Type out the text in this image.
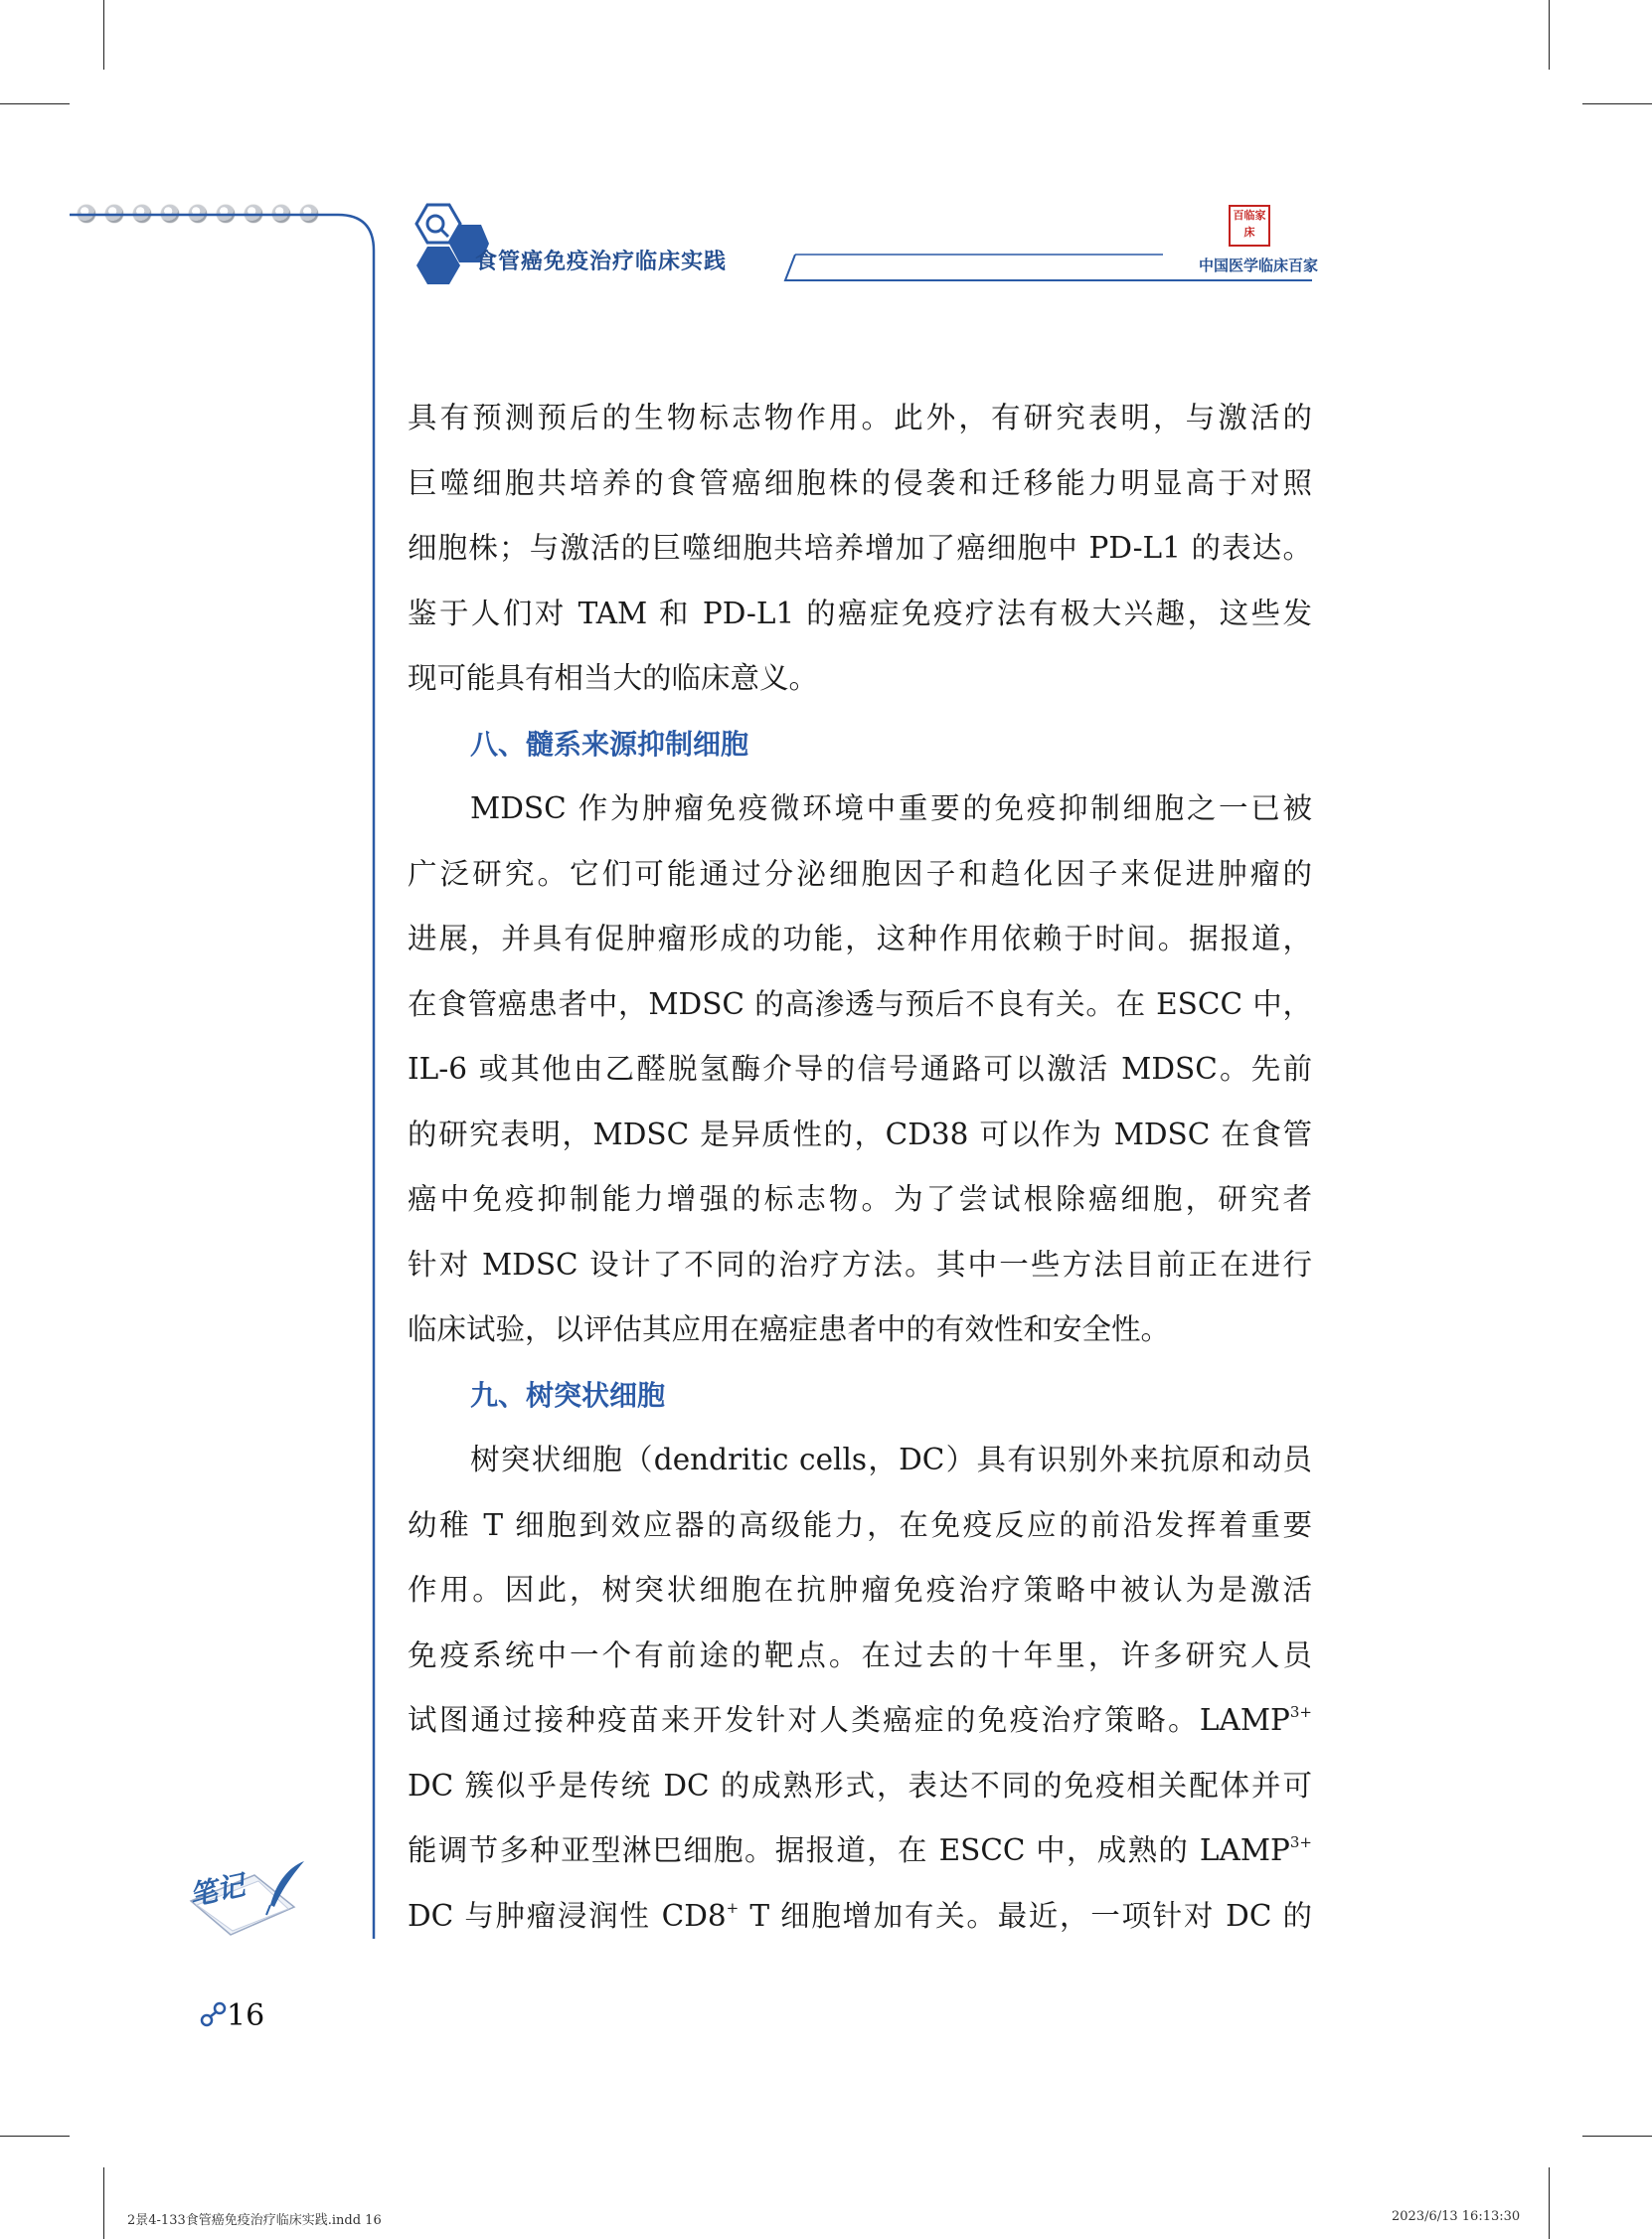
食管癌免疫治疗临床实践
百临家床
中国医学临床百家

具有预测预后的生物标志物作用。此外，有研究表明，与激活的

巨噬细胞共培养的食管癌细胞株的侵袭和迁移能力明显高于对照

细胞株；与激活的巨噬细胞共培养增加了癌细胞中 PD-L1 的表达。

鉴于人们对 TAM 和 PD-L1 的癌症免疫疗法有极大兴趣，这些发

现可能具有相当大的临床意义。

八、髓系来源抑制细胞

MDSC 作为肿瘤免疫微环境中重要的免疫抑制细胞之一已被

广泛研究。它们可能通过分泌细胞因子和趋化因子来促进肿瘤的

进展，并具有促肿瘤形成的功能，这种作用依赖于时间。据报道，

在食管癌患者中，MDSC 的高渗透与预后不良有关。在 ESCC 中，

IL-6 或其他由乙醛脱氢酶介导的信号通路可以激活 MDSC。先前

的研究表明，MDSC 是异质性的，CD38 可以作为 MDSC 在食管

癌中免疫抑制能力增强的标志物。为了尝试根除癌细胞，研究者

针对 MDSC 设计了不同的治疗方法。其中一些方法目前正在进行

临床试验，以评估其应用在癌症患者中的有效性和安全性。

九、树突状细胞

树突状细胞（dendritic cells，DC）具有识别外来抗原和动员

幼稚 T 细胞到效应器的高级能力，在免疫反应的前沿发挥着重要

作用。因此，树突状细胞在抗肿瘤免疫治疗策略中被认为是激活

免疫系统中一个有前途的靶点。在过去的十年里，许多研究人员

试图通过接种疫苗来开发针对人类癌症的免疫治疗策略。$LAMP^{3+}$

DC 簇似乎是传统 DC 的成熟形式，表达不同的免疫相关配体并可

能调节多种亚型淋巴细胞。据报道，在 ESCC 中，成熟的 $LAMP^{3+}$

DC 与肿瘤浸润性 CD8+ T 细胞增加有关。最近，一项针对 DC 的

笔记
16
2景4-133食管癌免疫治疗临床实践.indd 16	2023/6/13 16:13:30
